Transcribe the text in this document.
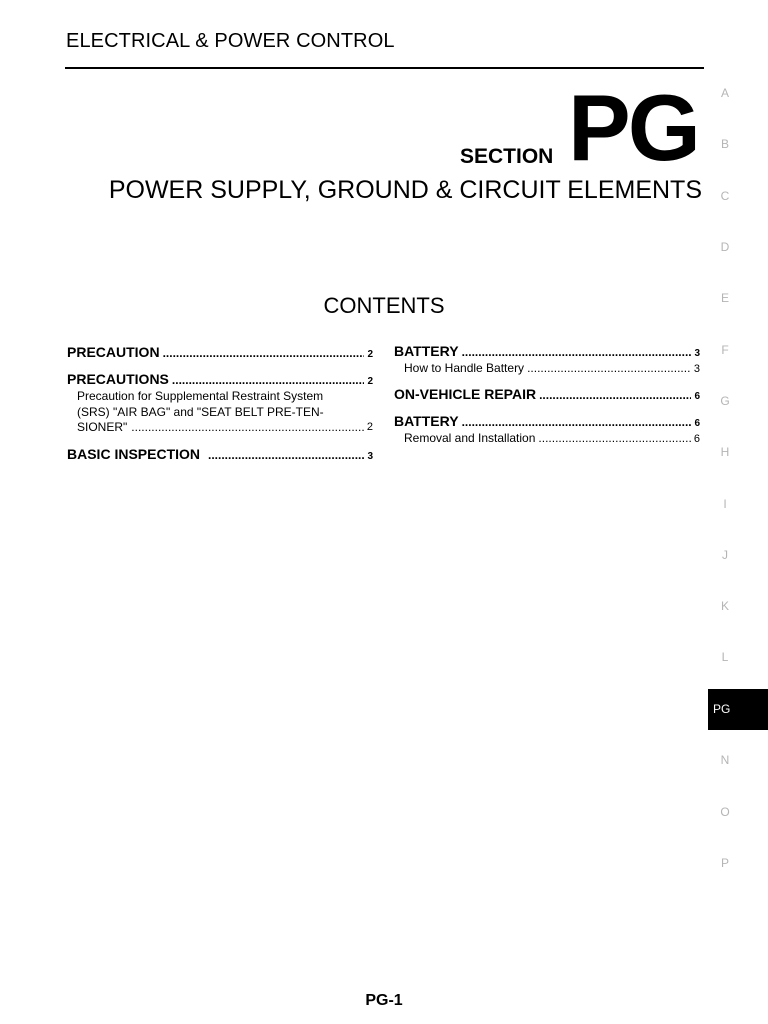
ELECTRICAL & POWER CONTROL
SECTION PG
POWER SUPPLY, GROUND & CIRCUIT ELEMENTS
CONTENTS
PRECAUTION .....	2
PRECAUTIONS .....	2
Precaution for Supplemental Restraint System
(SRS) "AIR BAG" and "SEAT BELT PRE-TEN-
SIONER" .....	2
BASIC INSPECTION .....	3
BATTERY .....	3
How to Handle Battery .....	3
ON-VEHICLE REPAIR .....	6
BATTERY .....	6
Removal and Installation .....	6
A
B
C
D
E
F
G
H
I
J
K
L
PG
N
O
P
PG-1
